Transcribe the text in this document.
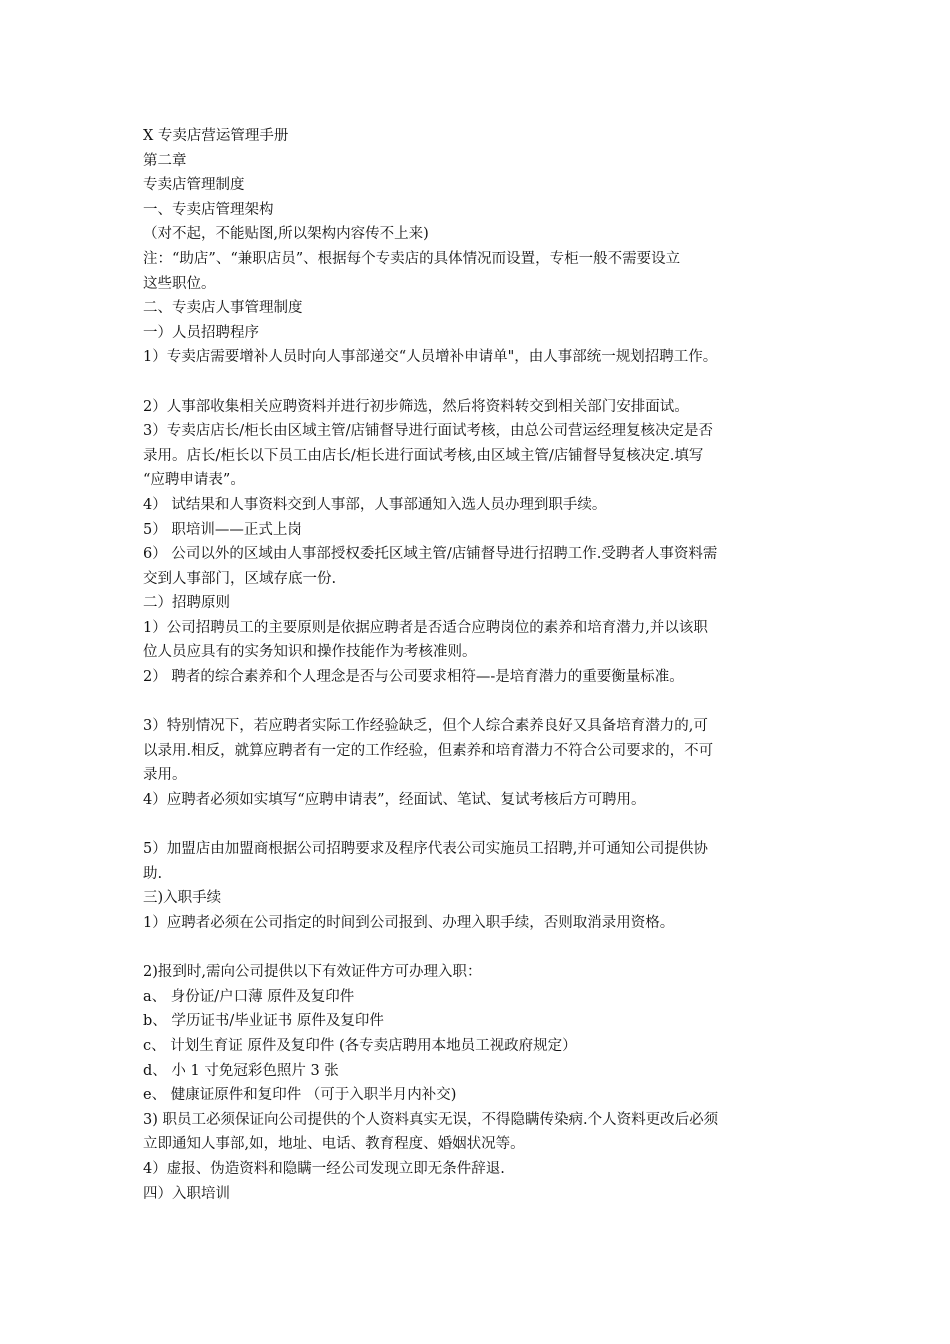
X 专卖店营运管理手册
第二章
专卖店管理制度
一、专卖店管理架构
（对不起，不能贴图,所以架构内容传不上来)
注：“助店”、“兼职店员”、根据每个专卖店的具体情况而设置，专柜一般不需要设立
这些职位。
二、专卖店人事管理制度
一）人员招聘程序
1）专卖店需要增补人员时向人事部递交“人员增补申请单"，由人事部统一规划招聘工作。
2）人事部收集相关应聘资料并进行初步筛选，然后将资料转交到相关部门安排面试。
3）专卖店店长/柜长由区域主管/店铺督导进行面试考核，由总公司营运经理复核决定是否
录用。店长/柜长以下员工由店长/柜长进行面试考核,由区域主管/店铺督导复核决定.填写
“应聘申请表”。
4） 试结果和人事资料交到人事部，人事部通知入选人员办理到职手续。
5） 职培训——正式上岗
6） 公司以外的区域由人事部授权委托区域主管/店铺督导进行招聘工作.受聘者人事资料需
交到人事部门，区域存底一份.
二）招聘原则
1）公司招聘员工的主要原则是依据应聘者是否适合应聘岗位的素养和培育潜力,并以该职
位人员应具有的实务知识和操作技能作为考核准则。
2） 聘者的综合素养和个人理念是否与公司要求相符—-是培育潜力的重要衡量标准。
3）特别情况下，若应聘者实际工作经验缺乏，但个人综合素养良好又具备培育潜力的,可
以录用.相反，就算应聘者有一定的工作经验，但素养和培育潜力不符合公司要求的，不可
录用。
4）应聘者必须如实填写“应聘申请表”，经面试、笔试、复试考核后方可聘用。
5）加盟店由加盟商根据公司招聘要求及程序代表公司实施员工招聘,并可通知公司提供协
助.
三)入职手续
1）应聘者必须在公司指定的时间到公司报到、办理入职手续，否则取消录用资格。
2)报到时,需向公司提供以下有效证件方可办理入职：
a、 身份证/户口薄 原件及复印件
b、 学历证书/毕业证书 原件及复印件
c、 计划生育证 原件及复印件 (各专卖店聘用本地员工视政府规定）
d、 小 1 寸免冠彩色照片 3 张
e、 健康证原件和复印件 （可于入职半月内补交)
3) 职员工必须保证向公司提供的个人资料真实无误，不得隐瞒传染病.个人资料更改后必须
立即通知人事部,如，地址、电话、教育程度、婚姻状况等。
4）虚报、伪造资料和隐瞒一经公司发现立即无条件辞退.
四）入职培训
